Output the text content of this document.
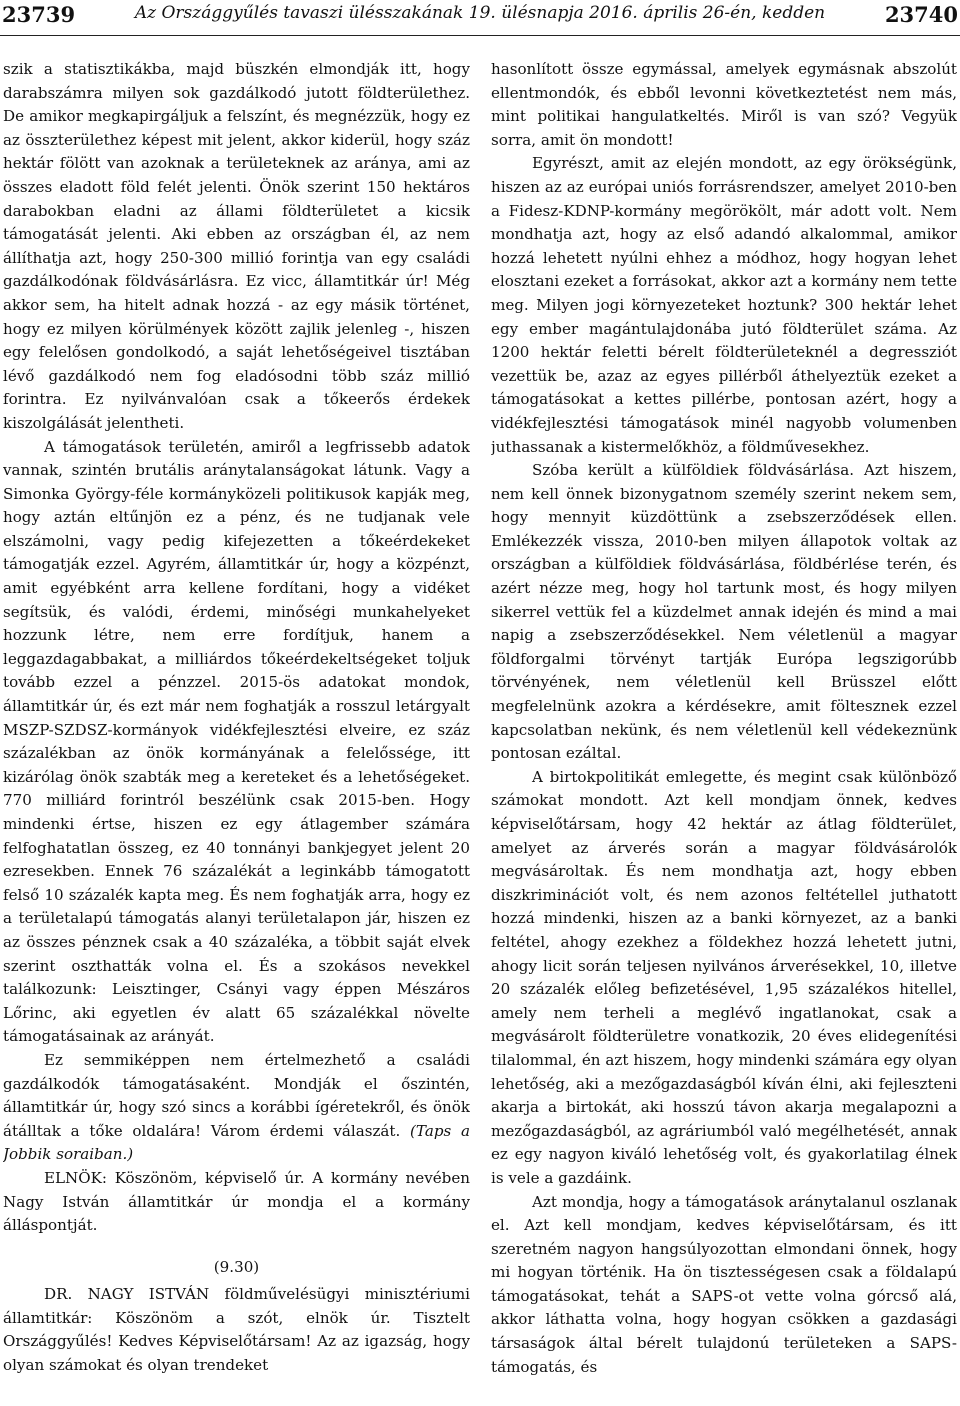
23739	Az Országgyűlés tavaszi ülésszakának 19. ülésnapja 2016. április 26-én, kedden	23740

szik a statisztikákba, majd büszkén elmondják itt, hogy darabszámra milyen sok gazdálkodó jutott földterülethez. De amikor megkapirgáljuk a felszínt, és megnézzük, hogy ez az összterülethez képest mit jelent, akkor kiderül, hogy száz hektár fölött van azoknak a területeknek az aránya, ami az összes eladott föld felét jelenti. Önök szerint 150 hektáros darabokban eladni az állami földterületet a kicsik támogatását jelenti. Aki ebben az országban él, az nem állíthatja azt, hogy 250-300 millió forintja van egy családi gazdálkodónak földvásárlásra. Ez vicc, államtitkár úr! Még akkor sem, ha hitelt adnak hozzá - az egy másik történet, hogy ez milyen körülmények között zajlik jelenleg -, hiszen egy felelősen gondolkodó, a saját lehetőségeivel tisztában lévő gazdálkodó nem fog eladósodni több száz millió forintra. Ez nyilvánvalóan csak a tőkeerős érdekek kiszolgálását jelentheti.

A támogatások területén, amiről a legfrissebb adatok vannak, szintén brutális aránytalanságokat látunk. Vagy a Simonka György-féle kormányközeli politikusok kapják meg, hogy aztán eltűnjön ez a pénz, és ne tudjanak vele elszámolni, vagy pedig kifejezetten a tőkeérdekeket támogatják ezzel. Agyrém, államtitkár úr, hogy a közpénzt, amit egyébként arra kellene fordítani, hogy a vidéket segítsük, és valódi, érdemi, minőségi munkahelyeket hozzunk létre, nem erre fordítjuk, hanem a leggazdagabbakat, a milliárdos tőkeérdekeltségeket toljuk tovább ezzel a pénzzel. 2015-ös adatokat mondok, államtitkár úr, és ezt már nem foghatják a rosszul letárgyalt MSZP-SZDSZ-kormányok vidékfejlesztési elveire, ez száz százalékban az önök kormányának a felelőssége, itt kizárólag önök szabták meg a kereteket és a lehetőségeket. 770 milliárd forintról beszélünk csak 2015-ben. Hogy mindenki értse, hiszen ez egy átlagember számára felfoghatatlan összeg, ez 40 tonnányi bankjegyet jelent 20 ezresekben. Ennek 76 százalékát a leginkább támogatott felső 10 százalék kapta meg. És nem foghatják arra, hogy ez a területalapú támogatás alanyi területalapon jár, hiszen ez az összes pénznek csak a 40 százaléka, a többit saját elvek szerint oszthatták volna el. És a szokásos nevekkel találkozunk: Leisztinger, Csányi vagy éppen Mészáros Lőrinc, aki egyetlen év alatt 65 százalékkal növelte támogatásainak az arányát.

Ez semmiképpen nem értelmezhető a családi gazdálkodók támogatásaként. Mondják el őszintén, államtitkár úr, hogy szó sincs a korábbi ígéretekről, és önök átálltak a tőke oldalára! Várom érdemi válaszát. (Taps a Jobbik soraiban.)

ELNÖK: Köszönöm, képviselő úr. A kormány nevében Nagy István államtitkár úr mondja el a kormány álláspontját.

(9.30)

DR. NAGY ISTVÁN földművelésügyi minisztériumi államtitkár: Köszönöm a szót, elnök úr. Tisztelt Országgyűlés! Kedves Képviselőtársam! Az az igazság, hogy olyan számokat és olyan trendeket

hasonlított össze egymással, amelyek egymásnak abszolút ellentmondók, és ebből levonni következtetést nem más, mint politikai hangulatkeltés. Miről is van szó? Vegyük sorra, amit ön mondott!

Egyrészt, amit az elején mondott, az egy örökségünk, hiszen az az európai uniós forrásrendszer, amelyet 2010-ben a Fidesz-KDNP-kormány megörökölt, már adott volt. Nem mondhatja azt, hogy az első adandó alkalommal, amikor hozzá lehetett nyúlni ehhez a módhoz, hogy hogyan lehet elosztani ezeket a forrásokat, akkor azt a kormány nem tette meg. Milyen jogi környezeteket hoztunk? 300 hektár lehet egy ember magántulajdonába jutó földterület száma. Az 1200 hektár feletti bérelt földterületeknél a degressziót vezettük be, azaz az egyes pillérből áthelyeztük ezeket a támogatásokat a kettes pillérbe, pontosan azért, hogy a vidékfejlesztési támogatások minél nagyobb volumenben juthassanak a kistermelőkhöz, a földművesekhez.

Szóba került a külföldiek földvásárlása. Azt hiszem, nem kell önnek bizonygatnom személy szerint nekem sem, hogy mennyit küzdöttünk a zsebszerződések ellen. Emlékezzék vissza, 2010-ben milyen állapotok voltak az országban a külföldiek földvásárlása, földbérlése terén, és azért nézze meg, hogy hol tartunk most, és hogy milyen sikerrel vettük fel a küzdelmet annak idején és mind a mai napig a zsebszerződésekkel. Nem véletlenül a magyar földforgalmi törvényt tartják Európa legszigorúbb törvényének, nem véletlenül kell Brüsszel előtt megfelelnünk azokra a kérdésekre, amit föltesznek ezzel kapcsolatban nekünk, és nem véletlenül kell védekeznünk pontosan ezáltal.

A birtokpolitikát emlegette, és megint csak különböző számokat mondott. Azt kell mondjam önnek, kedves képviselőtársam, hogy 42 hektár az átlag földterület, amelyet az árverés során a magyar földvásárolók megvásároltak. És nem mondhatja azt, hogy ebben diszkriminációt volt, és nem azonos feltétellel juthatott hozzá mindenki, hiszen az a banki környezet, az a banki feltétel, ahogy ezekhez a földekhez hozzá lehetett jutni, ahogy licit során teljesen nyilvános árverésekkel, 10, illetve 20 százalék előleg befizetésével, 1,95 százalékos hitellel, amely nem terheli a meglévő ingatlanokat, csak a megvásárolt földterületre vonatkozik, 20 éves elidegenítési tilalommal, én azt hiszem, hogy mindenki számára egy olyan lehetőség, aki a mezőgazdaságból kíván élni, aki fejleszteni akarja a birtokát, aki hosszú távon akarja megalapozni a mezőgazdaságból, az agráriumból való megélhetését, annak ez egy nagyon kiváló lehetőség volt, és gyakorlatilag élnek is vele a gazdáink.

Azt mondja, hogy a támogatások aránytalanul oszlanak el. Azt kell mondjam, kedves képviselőtársam, és itt szeretném nagyon hangsúlyozottan elmondani önnek, hogy mi hogyan történik. Ha ön tisztességesen csak a földalapú támogatásokat, tehát a SAPS-ot vette volna górcső alá, akkor láthatta volna, hogy hogyan csökken a gazdasági társaságok által bérelt tulajdonú területeken a SAPS-támogatás, és
